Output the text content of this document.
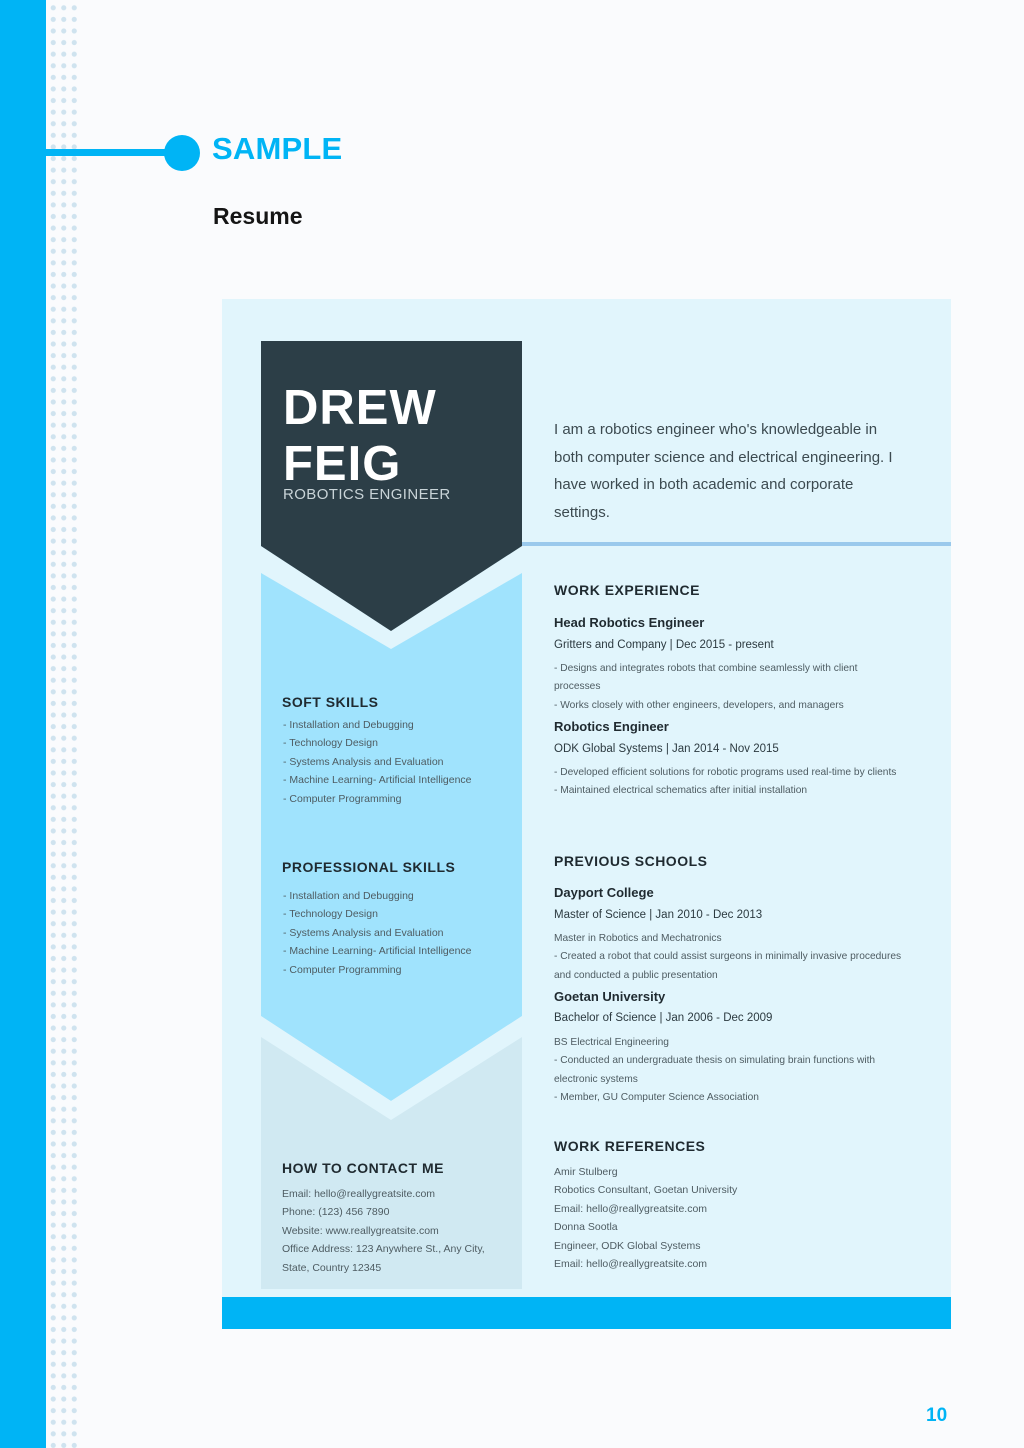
SAMPLE
Resume
DREW
FEIG
ROBOTICS ENGINEER

I am a robotics engineer who's knowledgeable in both computer science and electrical engineering. I have worked in both academic and corporate settings.

SOFT SKILLS
- Installation and Debugging
- Technology Design
- Systems Analysis and Evaluation
- Machine Learning- Artificial Intelligence
- Computer Programming
PROFESSIONAL SKILLS
- Installation and Debugging
- Technology Design
- Systems Analysis and Evaluation
- Machine Learning- Artificial Intelligence
- Computer Programming
HOW TO CONTACT ME
Email: hello@reallygreatsite.com
Phone: (123) 456 7890
Website: www.reallygreatsite.com
Office Address: 123 Anywhere St., Any City, State, Country 12345
WORK EXPERIENCE
Head Robotics Engineer
Gritters and Company | Dec 2015 - present
- Designs and integrates robots that combine seamlessly with client processes
- Works closely with other engineers, developers, and managers
Robotics Engineer
ODK Global Systems | Jan 2014 - Nov 2015
- Developed efficient solutions for robotic programs used real-time by clients
- Maintained electrical schematics after initial installation
PREVIOUS SCHOOLS
Dayport College
Master of Science | Jan 2010 - Dec 2013
Master in Robotics and Mechatronics
- Created a robot that could assist surgeons in minimally invasive procedures and conducted a public presentation
Goetan University
Bachelor of Science | Jan 2006 - Dec 2009
BS Electrical Engineering
- Conducted an undergraduate thesis on simulating brain functions with electronic systems
- Member, GU Computer Science Association
WORK REFERENCES
Amir Stulberg
Robotics Consultant, Goetan University
Email: hello@reallygreatsite.com
Donna Sootla
Engineer, ODK Global Systems
Email: hello@reallygreatsite.com
10
